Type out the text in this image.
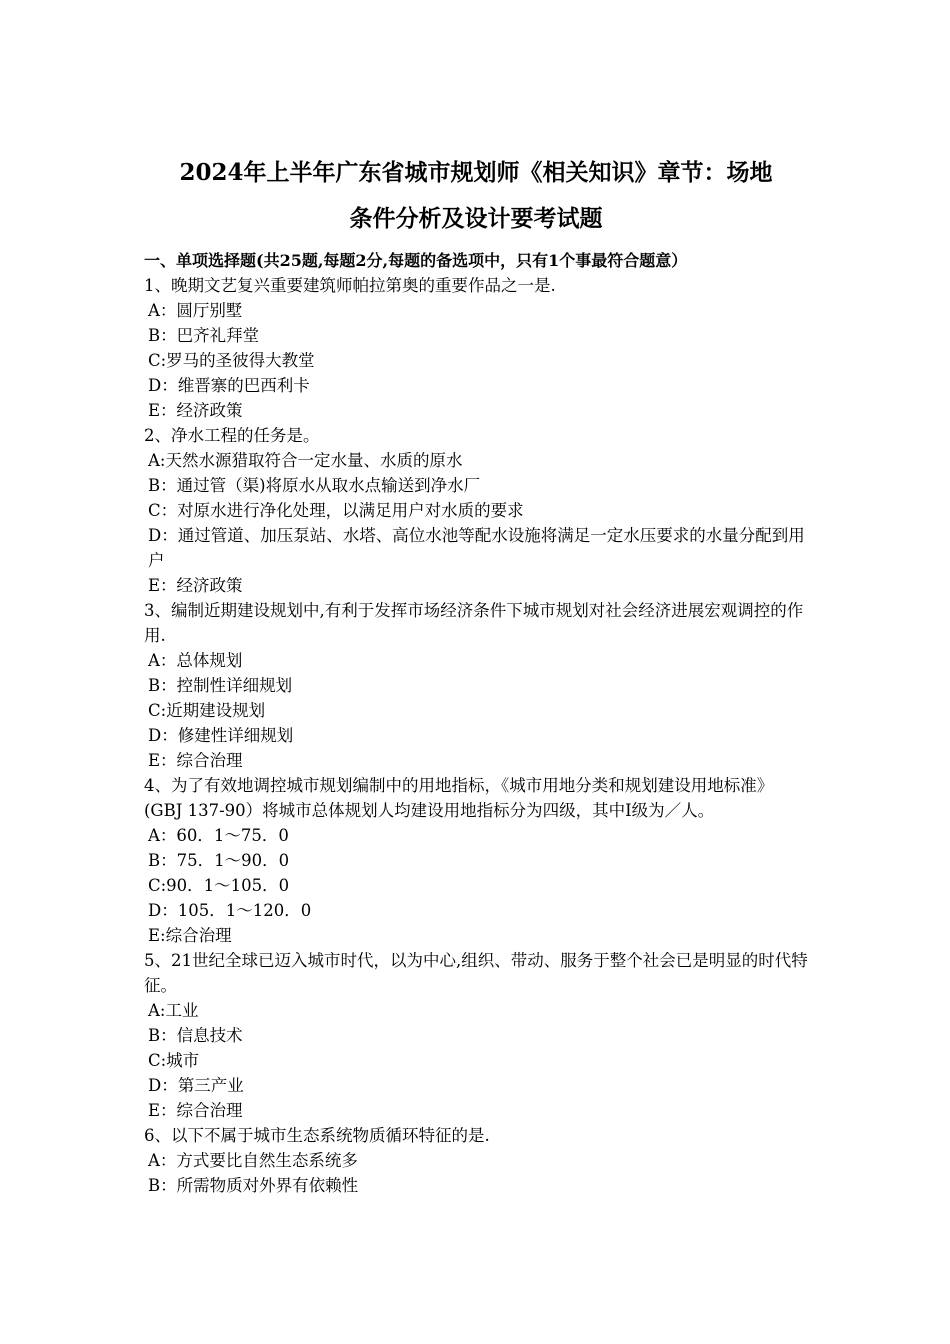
2024年上半年广东省城市规划师《相关知识》章节：场地
条件分析及设计要考试题
一、单项选择题(共25题,每题2分,每题的备选项中，只有1个事最符合题意）
1、晚期文艺复兴重要建筑师帕拉第奥的重要作品之一是.
A：圆厅别墅
B：巴齐礼拜堂
C:罗马的圣彼得大教堂
D：维晋寨的巴西利卡
E：经济政策
2、净水工程的任务是。
A:天然水源猎取符合一定水量、水质的原水
B：通过管（渠)将原水从取水点输送到净水厂
C：对原水进行净化处理，以满足用户对水质的要求
D：通过管道、加压泵站、水塔、高位水池等配水设施将满足一定水压要求的水量分配到用户
E：经济政策
3、编制近期建设规划中,有利于发挥市场经济条件下城市规划对社会经济进展宏观调控的作用.
A：总体规划
B：控制性详细规划
C:近期建设规划
D：修建性详细规划
E：综合治理
4、为了有效地调控城市规划编制中的用地指标，《城市用地分类和规划建设用地标准》(GBJ 137-90）将城市总体规划人均建设用地指标分为四级，其中Ⅰ级为／人。
A：60．1～75．0
B：75．1～90．0
C:90．1～105．0
D：105．1～120．0
E:综合治理
5、21世纪全球已迈入城市时代，以为中心,组织、带动、服务于整个社会已是明显的时代特征。
A:工业
B：信息技术
C:城市
D：第三产业
E：综合治理
6、以下不属于城市生态系统物质循环特征的是.
A：方式要比自然生态系统多
B：所需物质对外界有依赖性
